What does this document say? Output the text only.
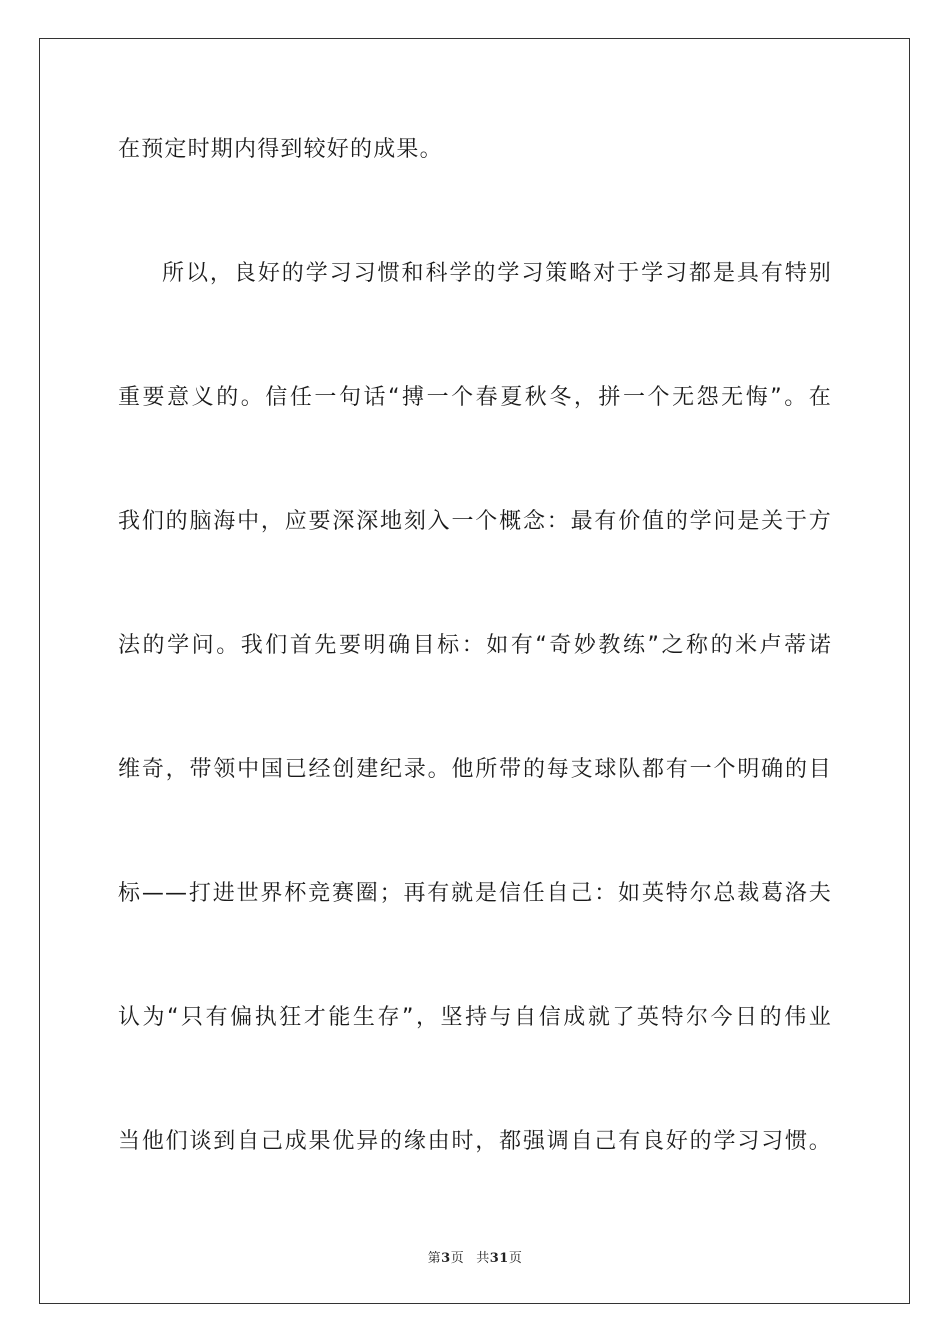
在预定时期内得到较好的成果。
所以，良好的学习习惯和科学的学习策略对于学习都是具有特别
重要意义的。信任一句话“搏一个春夏秋冬，拼一个无怨无悔”。在
我们的脑海中，应要深深地刻入一个概念：最有价值的学问是关于方
法的学问。我们首先要明确目标：如有“奇妙教练”之称的米卢蒂诺
维奇，带领中国已经创建纪录。他所带的每支球队都有一个明确的目
标——打进世界杯竞赛圈；再有就是信任自己：如英特尔总裁葛洛夫
认为“只有偏执狂才能生存”，坚持与自信成就了英特尔今日的伟业
当他们谈到自己成果优异的缘由时，都强调自己有良好的学习习惯。
第3页 共31页
